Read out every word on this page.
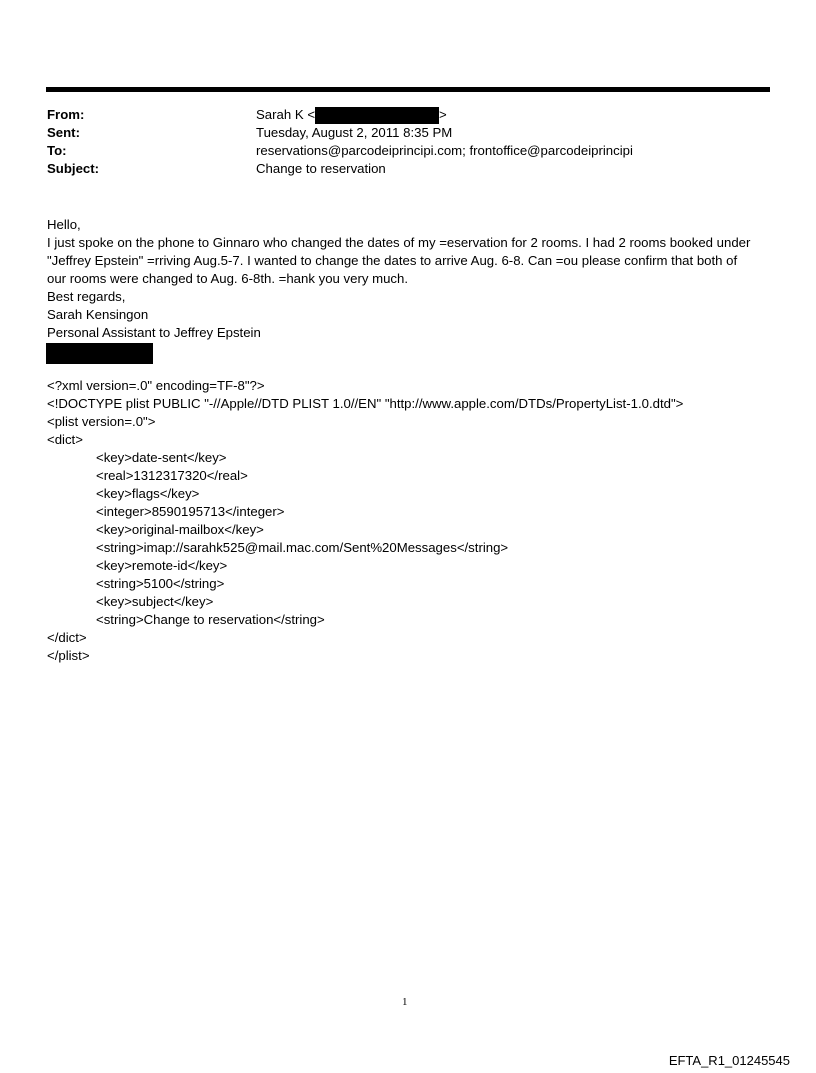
From:	Sarah K <	>
Sent:	Tuesday, August 2, 2011 8:35 PM
To:	reservations@parcodeiprincipi.com; frontoffice@parcodeiprincipi
Subject:	Change to reservation
Hello,
I just spoke on the phone to Ginnaro who changed the dates of my =eservation for 2 rooms. I had 2 rooms booked under
"Jeffrey Epstein" =rriving Aug.5-7. I wanted to change the dates to arrive Aug. 6-8. Can =ou please confirm that both of
our rooms were changed to Aug. 6-8th. =hank you very much.
Best regards,
Sarah Kensingon
Personal Assistant to Jeffrey Epstein
<?xml version=.0" encoding=TF-8"?>
<!DOCTYPE plist PUBLIC "-//Apple//DTD PLIST 1.0//EN" "http://www.apple.com/DTDs/PropertyList-1.0.dtd">
<plist version=.0">
<dict>
<key>date-sent</key>
<real>1312317320</real>
<key>flags</key>
<integer>8590195713</integer>
<key>original-mailbox</key>
<string>imap://sarahk525@mail.mac.com/Sent%20Messages</string>
<key>remote-id</key>
<string>5100</string>
<key>subject</key>
<string>Change to reservation</string>
</dict>
</plist>
1
EFTA_R1_01245545
